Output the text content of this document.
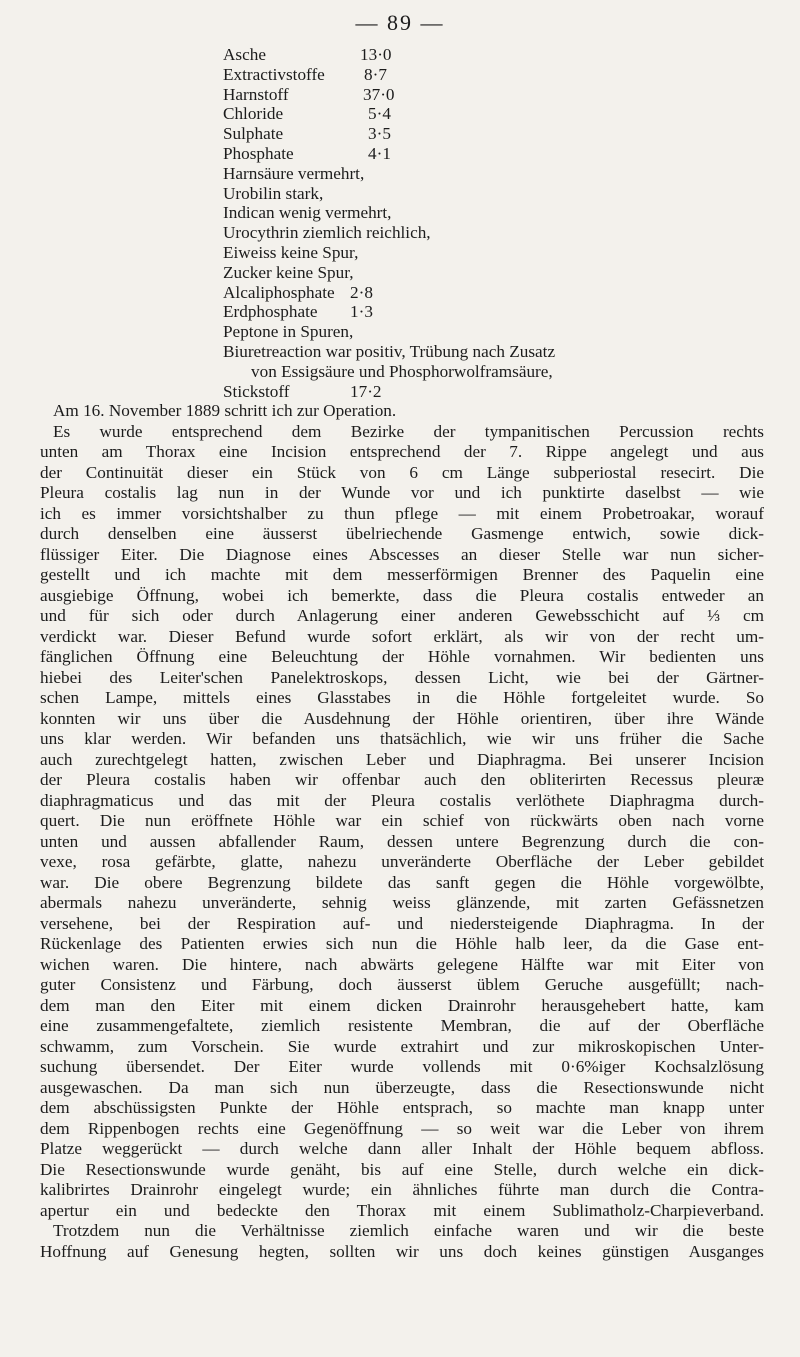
— 89 —
Asche	13·0
Extractivstoffe 8·7
Harnstoff	37·0
Chloride	5·4
Sulphate	3·5
Phosphate	4·1
Harnsäure vermehrt,
Urobilin stark,
Indican wenig vermehrt,
Urocythrin ziemlich reichlich,
Eiweiss keine Spur,
Zucker keine Spur,
Alcaliphosphate 2·8
Erdphosphate 1·3
Peptone in Spuren,
Biuretreaction war positiv, Trübung nach Zusatz
von Essigsäure und Phosphorwolframsäure,
Stickstoff	17·2
Am 16. November 1889 schritt ich zur Operation.
Es wurde entsprechend dem Bezirke der tympanitischen Percussion rechts
unten am Thorax eine Incision entsprechend der 7. Rippe angelegt und aus
der Continuität dieser ein Stück von 6 cm Länge subperiostal resecirt. Die
Pleura costalis lag nun in der Wunde vor und ich punktirte daselbst — wie
ich es immer vorsichtshalber zu thun pflege — mit einem Probetroakar, worauf
durch denselben eine äusserst übelriechende Gasmenge entwich, sowie dick-
flüssiger Eiter. Die Diagnose eines Abscesses an dieser Stelle war nun sicher-
gestellt und ich machte mit dem messerförmigen Brenner des Paquelin eine
ausgiebige Öffnung, wobei ich bemerkte, dass die Pleura costalis entweder an
und für sich oder durch Anlagerung einer anderen Gewebsschicht auf ⅓ cm
verdickt war. Dieser Befund wurde sofort erklärt, als wir von der recht um-
fänglichen Öffnung eine Beleuchtung der Höhle vornahmen. Wir bedienten uns
hiebei des Leiter'schen Panelektroskops, dessen Licht, wie bei der Gärtner-
schen Lampe, mittels eines Glasstabes in die Höhle fortgeleitet wurde. So
konnten wir uns über die Ausdehnung der Höhle orientiren, über ihre Wände
uns klar werden. Wir befanden uns thatsächlich, wie wir uns früher die Sache
auch zurechtgelegt hatten, zwischen Leber und Diaphragma. Bei unserer Incision
der Pleura costalis haben wir offenbar auch den obliterirten Recessus pleuræ
diaphragmaticus und das mit der Pleura costalis verlöthete Diaphragma durch-
quert. Die nun eröffnete Höhle war ein schief von rückwärts oben nach vorne
unten und aussen abfallender Raum, dessen untere Begrenzung durch die con-
vexe, rosa gefärbte, glatte, nahezu unveränderte Oberfläche der Leber gebildet
war. Die obere Begrenzung bildete das sanft gegen die Höhle vorgewölbte,
abermals nahezu unveränderte, sehnig weiss glänzende, mit zarten Gefässnetzen
versehene, bei der Respiration auf- und niedersteigende Diaphragma. In der
Rückenlage des Patienten erwies sich nun die Höhle halb leer, da die Gase ent-
wichen waren. Die hintere, nach abwärts gelegene Hälfte war mit Eiter von
guter Consistenz und Färbung, doch äusserst üblem Geruche ausgefüllt; nach-
dem man den Eiter mit einem dicken Drainrohr herausgehebert hatte, kam
eine zusammengefaltete, ziemlich resistente Membran, die auf der Oberfläche
schwamm, zum Vorschein. Sie wurde extrahirt und zur mikroskopischen Unter-
suchung übersendet. Der Eiter wurde vollends mit 0·6%iger Kochsalzlösung
ausgewaschen. Da man sich nun überzeugte, dass die Resectionswunde nicht
dem abschüssigsten Punkte der Höhle entsprach, so machte man knapp unter
dem Rippenbogen rechts eine Gegenöffnung — so weit war die Leber von ihrem
Platze weggerückt — durch welche dann aller Inhalt der Höhle bequem abfloss.
Die Resectionswunde wurde genäht, bis auf eine Stelle, durch welche ein dick-
kalibrirtes Drainrohr eingelegt wurde; ein ähnliches führte man durch die Contra-
apertur ein und bedeckte den Thorax mit einem Sublimatholz-Charpieverband.
Trotzdem nun die Verhältnisse ziemlich einfache waren und wir die beste
Hoffnung auf Genesung hegten, sollten wir uns doch keines günstigen Ausganges
